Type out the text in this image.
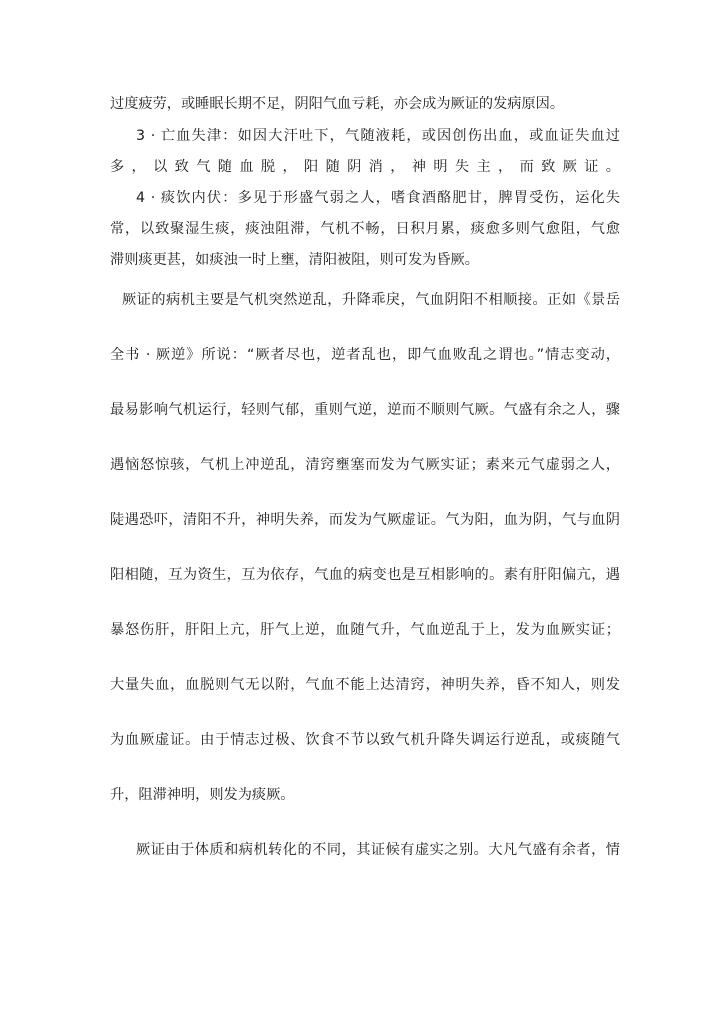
过度疲劳，或睡眠长期不足，阴阳气血亏耗，亦会成为厥证的发病原因。
3 · 亡血失津：如因大汗吐下，气随液耗，或因创伤出血，或血证失血过
多，以致气随血脱，阳随阴消，神明失主，而致厥证。
4 · 痰饮内伏：多见于形盛气弱之人，嗜食酒酪肥甘，脾胃受伤，运化失
常，以致聚湿生痰，痰浊阻滞，气机不畅，日积月累，痰愈多则气愈阻，气愈
滞则痰更甚，如痰浊一时上壅，清阳被阻，则可发为昏厥。
厥证的病机主要是气机突然逆乱，升降乖戾，气血阴阳不相顺接。正如《景岳
全书 · 厥逆》所说：“厥者尽也，逆者乱也，即气血败乱之谓也。”情志变动，
最易影响气机运行，轻则气郁，重则气逆，逆而不顺则气厥。气盛有余之人，骤
遇恼怒惊骇，气机上冲逆乱，清窍壅塞而发为气厥实证；素来元气虚弱之人，
陡遇恐吓，清阳不升，神明失养，而发为气厥虚证。气为阳，血为阴，气与血阴
阳相随，互为资生，互为依存，气血的病变也是互相影响的。素有肝阳偏亢，遇
暴怒伤肝，肝阳上亢，肝气上逆，血随气升，气血逆乱于上，发为血厥实证；
大量失血，血脱则气无以附，气血不能上达清窍，神明失养，昏不知人，则发
为血厥虚证。由于情志过极、饮食不节以致气机升降失调运行逆乱，或痰随气
升，阻滞神明，则发为痰厥。
厥证由于体质和病机转化的不同，其证候有虚实之别。大凡气盛有余者，情
